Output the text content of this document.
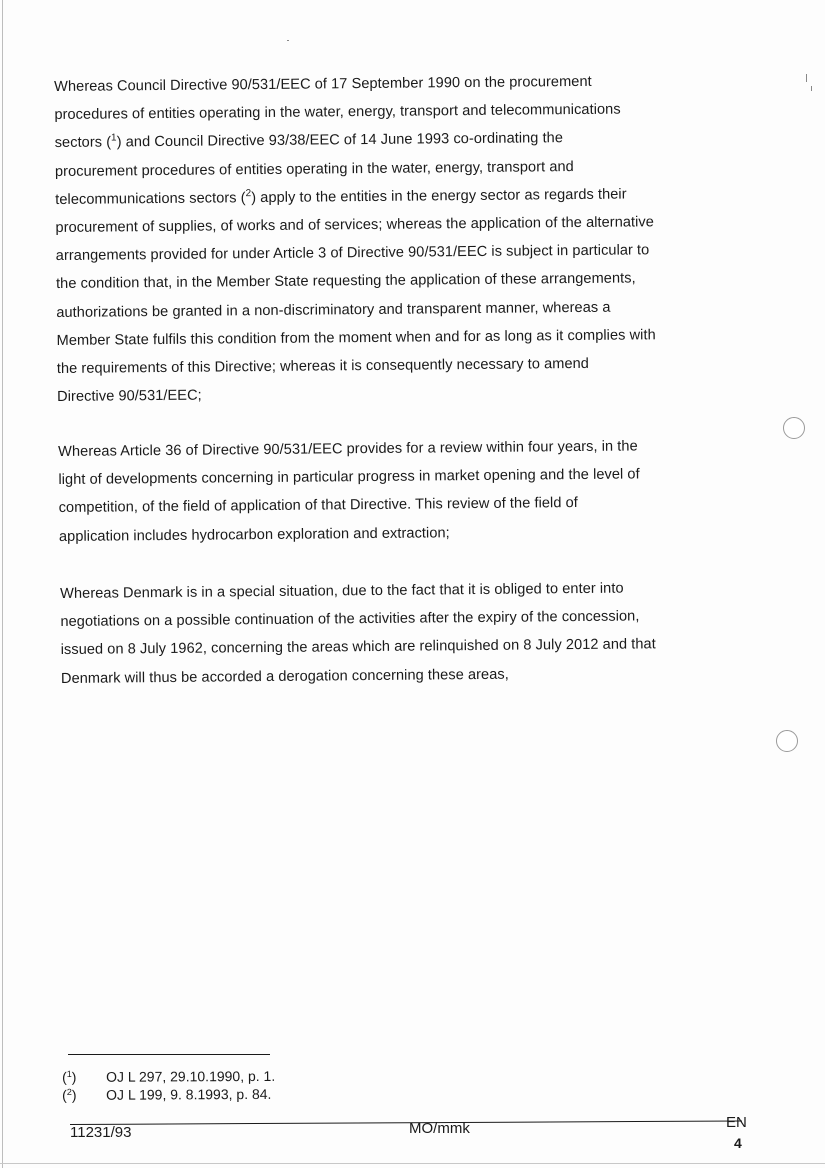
Whereas Council Directive 90/531/EEC of 17 September 1990 on the procurement
procedures of entities operating in the water, energy, transport and telecommunications
sectors ($^1$) and Council Directive 93/38/EEC of 14 June 1993 co-ordinating the
procurement procedures of entities operating in the water, energy, transport and
telecommunications sectors ($^2$) apply to the entities in the energy sector as regards their
procurement of supplies, of works and of services; whereas the application of the alternative
arrangements provided for under Article 3 of Directive 90/531/EEC is subject in particular to
the condition that, in the Member State requesting the application of these arrangements,
authorizations be granted in a non-discriminatory and transparent manner, whereas a
Member State fulfils this condition from the moment when and for as long as it complies with
the requirements of this Directive; whereas it is consequently necessary to amend
Directive 90/531/EEC;
Whereas Article 36 of Directive 90/531/EEC provides for a review within four years, in the
light of developments concerning in particular progress in market opening and the level of
competition, of the field of application of that Directive. This review of the field of
application includes hydrocarbon exploration and extraction;
Whereas Denmark is in a special situation, due to the fact that it is obliged to enter into
negotiations on a possible continuation of the activities after the expiry of the concession,
issued on 8 July 1962, concerning the areas which are relinquished on 8 July 2012 and that
Denmark will thus be accorded a derogation concerning these areas,
($^1$)	OJ L 297, 29.10.1990, p. 1.
($^2$)	OJ L 199, 9. 8.1993, p. 84.
11231/93	MO/mmk	EN
4
